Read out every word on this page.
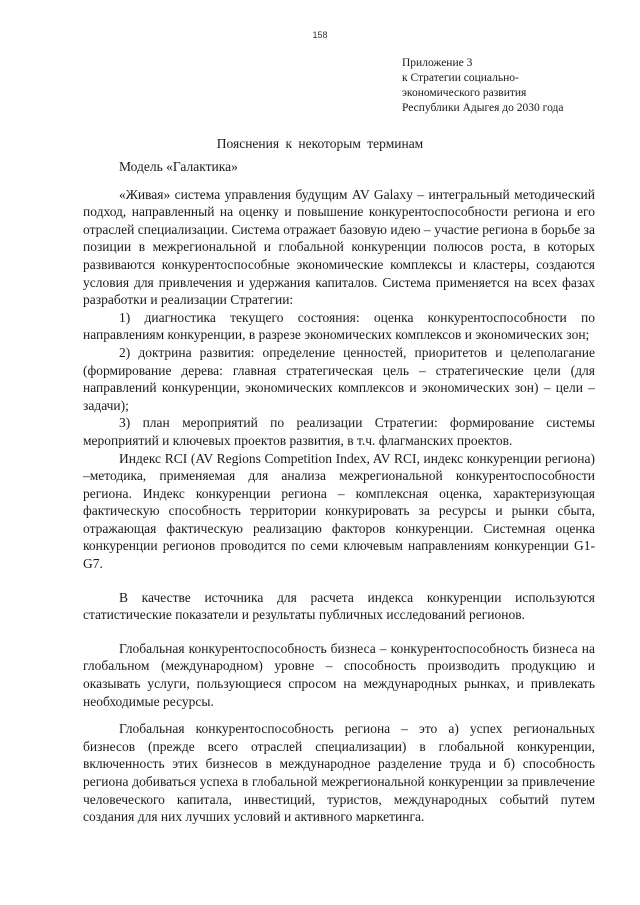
158
Приложение 3
к Стратегии социально-
экономического развития
Республики Адыгея до 2030 года
Пояснения к некоторым терминам

Модель «Галактика»

«Живая» система управления будущим AV Galaxy – интегральный методический подход, направленный на оценку и повышение конкурентоспособности региона и его отраслей специализации. Система отражает базовую идею – участие региона в борьбе за позиции в межрегиональной и глобальной конкуренции полюсов роста, в которых развиваются конкурентоспособные экономические комплексы и кластеры, создаются условия для привлечения и удержания капиталов. Система применяется на всех фазах разработки и реализации Стратегии:

1) диагностика текущего состояния: оценка конкурентоспособности по направлениям конкуренции, в разрезе экономических комплексов и экономических зон;

2) доктрина развития: определение ценностей, приоритетов и целеполагание (формирование дерева: главная стратегическая цель – стратегические цели (для направлений конкуренции, экономических комплексов и экономических зон) – цели – задачи);

3) план мероприятий по реализации Стратегии: формирование системы мероприятий и ключевых проектов развития, в т.ч. флагманских проектов.

Индекс RCI (AV Regions Competition Index, AV RCI, индекс конкуренции региона) –методика, применяемая для анализа межрегиональной конкурентоспособности региона. Индекс конкуренции региона – комплексная оценка, характеризующая фактическую способность территории конкурировать за ресурсы и рынки сбыта, отражающая фактическую реализацию факторов конкуренции. Системная оценка конкуренции регионов проводится по семи ключевым направлениям конкуренции G1-G7.

В качестве источника для расчета индекса конкуренции используются статистические показатели и результаты публичных исследований регионов.

Глобальная конкурентоспособность бизнеса – конкурентоспособность бизнеса на глобальном (международном) уровне – способность производить продукцию и оказывать услуги, пользующиеся спросом на международных рынках, и привлекать необходимые ресурсы.

Глобальная конкурентоспособность региона – это а) успех региональных бизнесов (прежде всего отраслей специализации) в глобальной конкуренции, включенность этих бизнесов в международное разделение труда и б) способность региона добиваться успеха в глобальной межрегиональной конкуренции за привлечение человеческого капитала, инвестиций, туристов, международных событий путем создания для них лучших условий и активного маркетинга.
